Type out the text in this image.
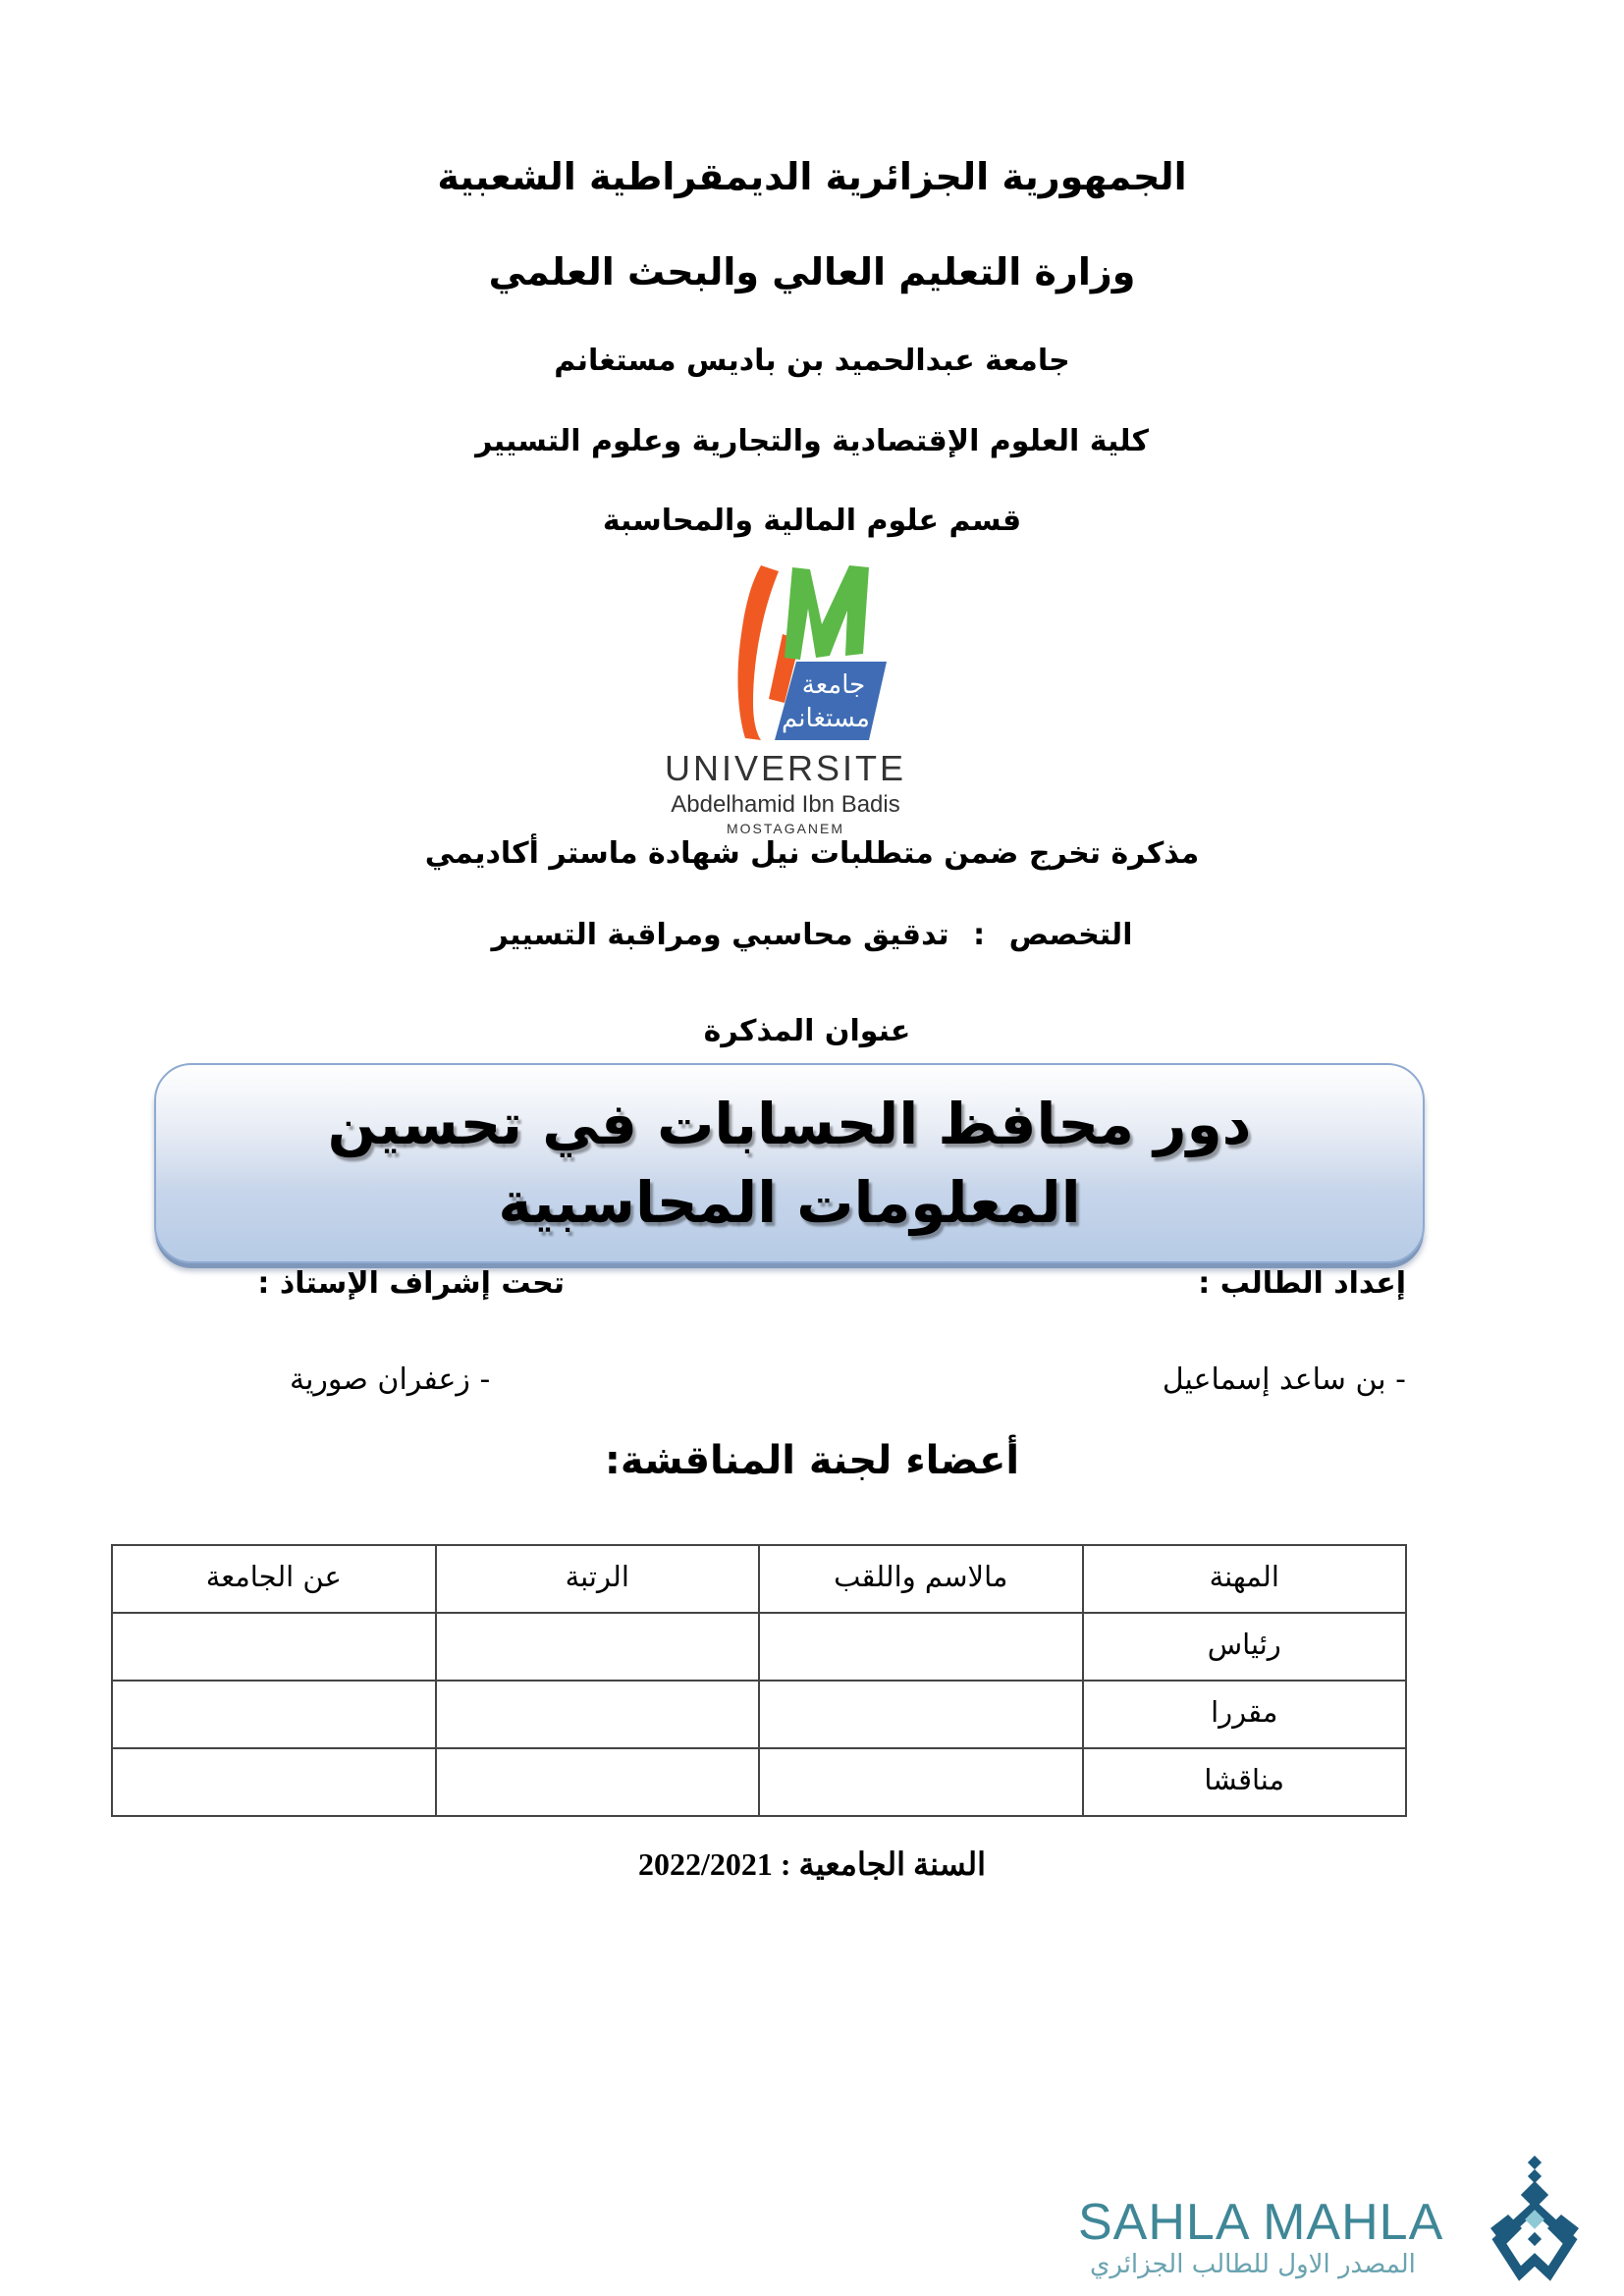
الجمهورية الجزائرية الديمقراطية الشعبية
وزارة التعليم العالي والبحث العلمي
جامعة عبدالحميد بن باديس مستغانم
كلية العلوم الإقتصادية والتجارية وعلوم التسيير
قسم علوم المالية والمحاسبة
جامعة
مستغانم
UNIVERSITE
Abdelhamid Ibn Badis
MOSTAGANEM
مذكرة تخرج ضمن متطلبات نيل شهادة ماستر أكاديمي
التخصص : تدقيق محاسبي ومراقبة التسيير
عنوان المذكرة
دور محافظ الحسابات في تحسين المعلومات المحاسبية
إعداد الطالب :
تحت إشراف الإستاذ :
- بن ساعد إسماعيل
- زعفران صورية
أعضاء لجنة المناقشة:
المهنة	مالاسم واللقب	الرتبة	عن الجامعة
رئياس			
مقررا			
مناقشا			
السنة الجامعية : 2022/2021
SAHLA MAHLA
المصدر الاول للطالب الجزائري
